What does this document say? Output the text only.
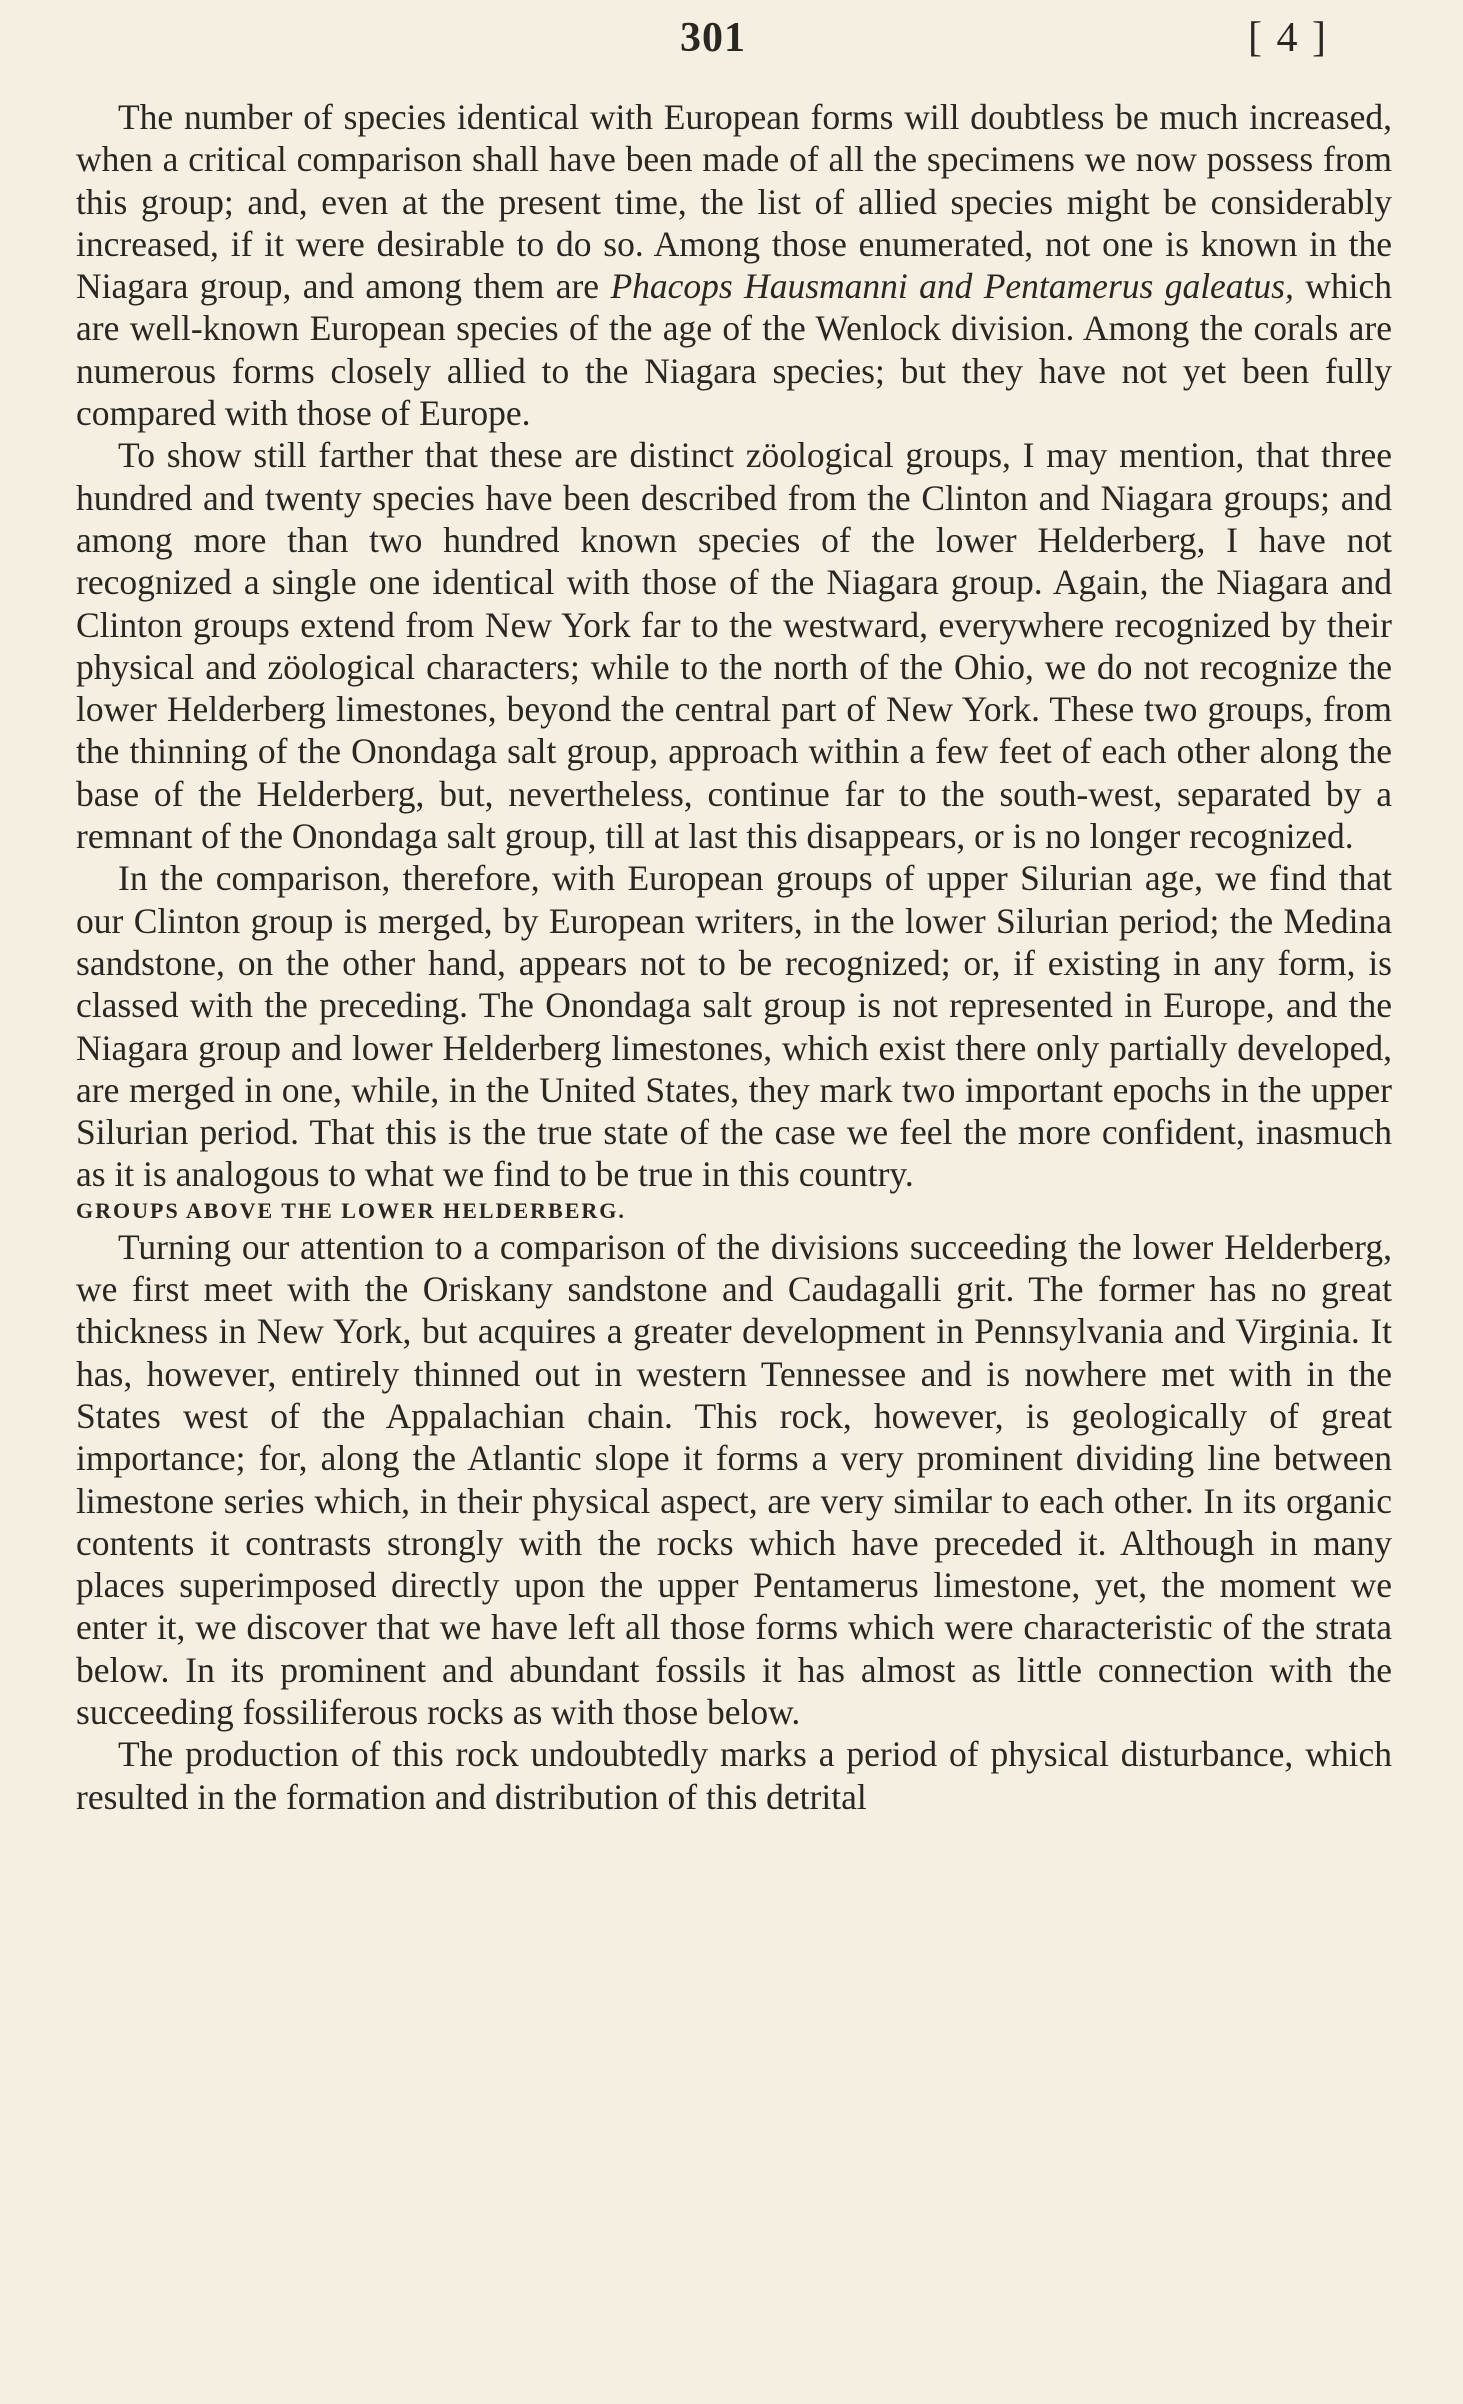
301	[ 4 ]

The number of species identical with European forms will doubtless be much increased, when a critical comparison shall have been made of all the specimens we now possess from this group; and, even at the present time, the list of allied species might be considerably increased, if it were desirable to do so. Among those enumerated, not one is known in the Niagara group, and among them are Phacops Hausmanni and Pentamerus galeatus, which are well-known European species of the age of the Wenlock division. Among the corals are numerous forms closely allied to the Niagara species; but they have not yet been fully compared with those of Europe.

To show still farther that these are distinct zöological groups, I may mention, that three hundred and twenty species have been described from the Clinton and Niagara groups; and among more than two hundred known species of the lower Helderberg, I have not recognized a single one identical with those of the Niagara group. Again, the Niagara and Clinton groups extend from New York far to the westward, everywhere recognized by their physical and zöological characters; while to the north of the Ohio, we do not recognize the lower Helderberg limestones, beyond the central part of New York. These two groups, from the thinning of the Onondaga salt group, approach within a few feet of each other along the base of the Helderberg, but, nevertheless, continue far to the south-west, separated by a remnant of the Onondaga salt group, till at last this disappears, or is no longer recognized.

In the comparison, therefore, with European groups of upper Silurian age, we find that our Clinton group is merged, by European writers, in the lower Silurian period; the Medina sandstone, on the other hand, appears not to be recognized; or, if existing in any form, is classed with the preceding. The Onondaga salt group is not represented in Europe, and the Niagara group and lower Helderberg limestones, which exist there only partially developed, are merged in one, while, in the United States, they mark two important epochs in the upper Silurian period. That this is the true state of the case we feel the more confident, inasmuch as it is analogous to what we find to be true in this country.

GROUPS ABOVE THE LOWER HELDERBERG.

Turning our attention to a comparison of the divisions succeeding the lower Helderberg, we first meet with the Oriskany sandstone and Caudagalli grit. The former has no great thickness in New York, but acquires a greater development in Pennsylvania and Virginia. It has, however, entirely thinned out in western Tennessee and is nowhere met with in the States west of the Appalachian chain. This rock, however, is geologically of great importance; for, along the Atlantic slope it forms a very prominent dividing line between limestone series which, in their physical aspect, are very similar to each other. In its organic contents it contrasts strongly with the rocks which have preceded it. Although in many places superimposed directly upon the upper Pentamerus limestone, yet, the moment we enter it, we discover that we have left all those forms which were characteristic of the strata below. In its prominent and abundant fossils it has almost as little connection with the succeeding fossiliferous rocks as with those below.

The production of this rock undoubtedly marks a period of physical disturbance, which resulted in the formation and distribution of this detrital
